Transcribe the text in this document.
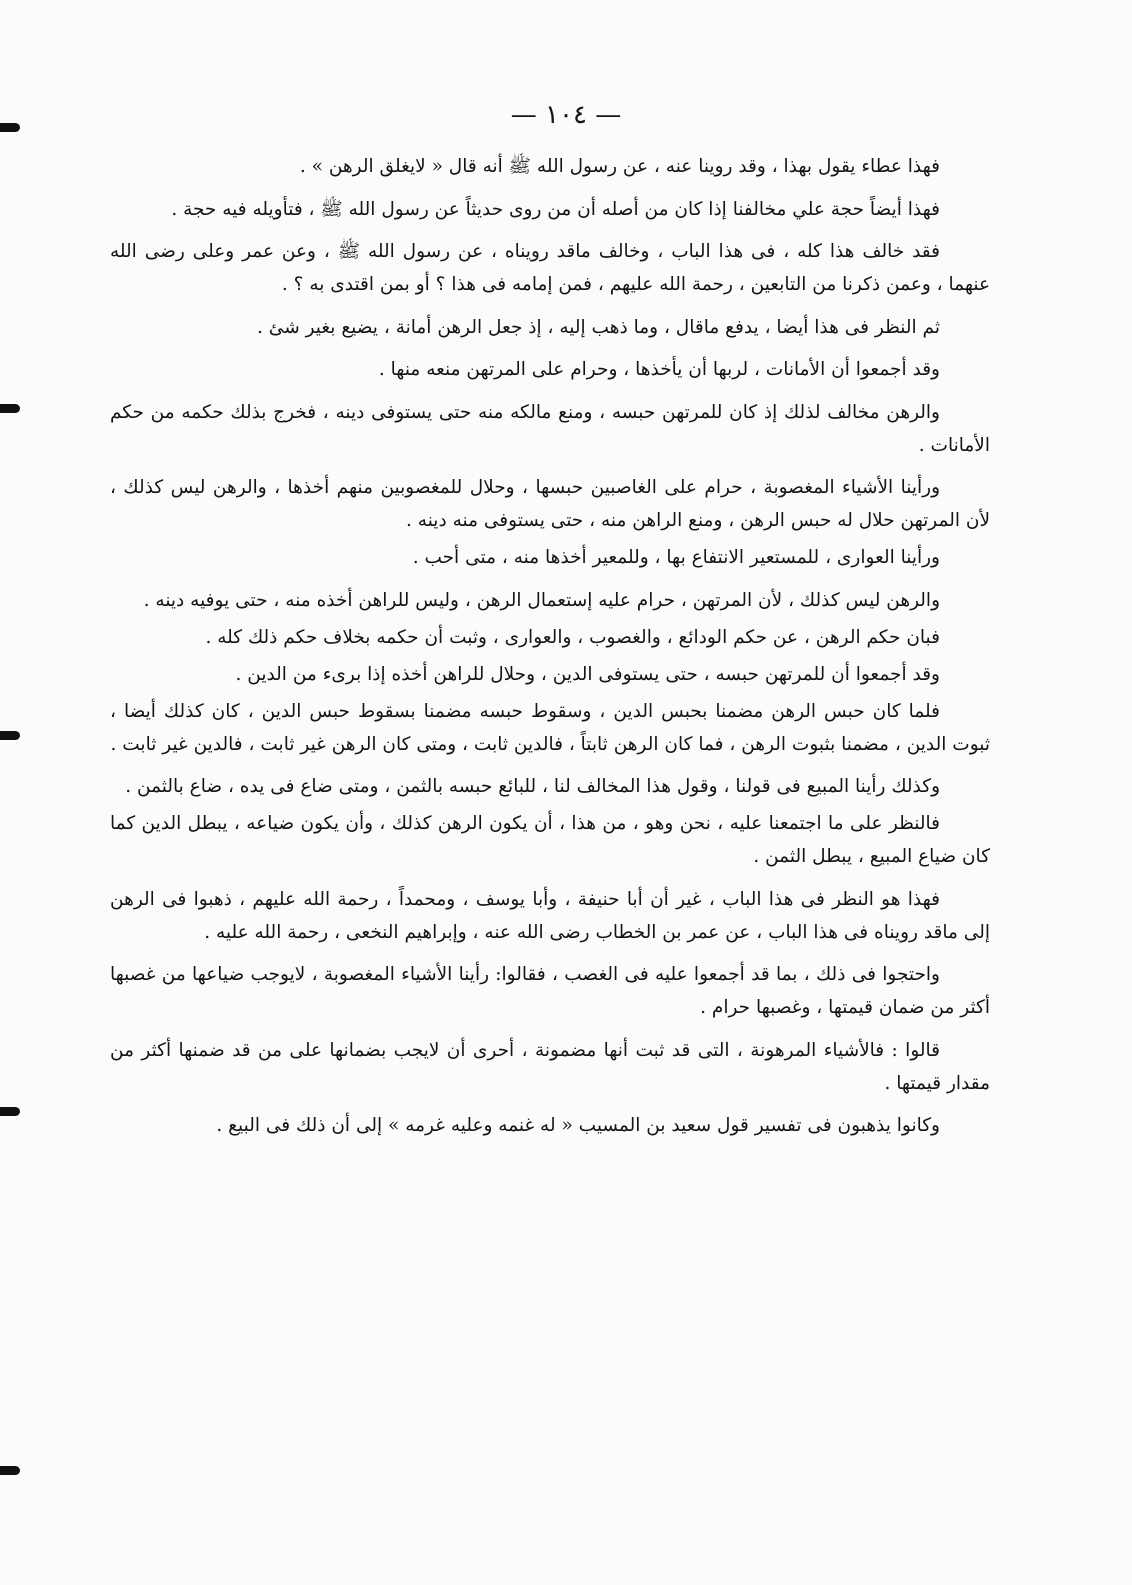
— ١٠٤ —

فهذا عطاء يقول بهذا ، وقد روينا عنه ، عن رسول الله ﷺ أنه قال « لايغلق الرهن » .

فهذا أيضاً حجة علي مخالفنا إذا كان من أصله أن من روى حديثاً عن رسول الله ﷺ ، فتأويله فيه حجة .

فقد خالف هذا كله ، فى هذا الباب ، وخالف ماقد رويناه ، عن رسول الله ﷺ ، وعن عمر وعلى رضى الله عنهما ، وعمن ذكرنا من التابعين ، رحمة الله عليهم ، فمن إمامه فى هذا ؟ أو بمن اقتدى به ؟ .

ثم النظر فى هذا أيضا ، يدفع ماقال ، وما ذهب إليه ، إذ جعل الرهن أمانة ، يضيع بغير شئ .

وقد أجمعوا أن الأمانات ، لربها أن يأخذها ، وحرام على المرتهن منعه منها .

والرهن مخالف لذلك إذ كان للمرتهن حبسه ، ومنع مالكه منه حتى يستوفى دينه ، فخرج بذلك حكمه من حكم الأمانات .

ورأينا الأشياء المغصوبة ، حرام على الغاصبين حبسها ، وحلال للمغصوبين منهم أخذها ، والرهن ليس كذلك ، لأن المرتهن حلال له حبس الرهن ، ومنع الراهن منه ، حتى يستوفى منه دينه .

ورأينا العوارى ، للمستعير الانتفاع بها ، وللمعير أخذها منه ، متى أحب .

والرهن ليس كذلك ، لأن المرتهن ، حرام عليه إستعمال الرهن ، وليس للراهن أخذه منه ، حتى يوفيه دينه .

فبان حكم الرهن ، عن حكم الودائع ، والغصوب ، والعوارى ، وثبت أن حكمه بخلاف حكم ذلك كله .

وقد أجمعوا أن للمرتهن حبسه ، حتى يستوفى الدين ، وحلال للراهن أخذه إذا برىء من الدين .

فلما كان حبس الرهن مضمنا بحبس الدين ، وسقوط حبسه مضمنا بسقوط حبس الدين ، كان كذلك أيضا ، ثبوت الدين ، مضمنا بثبوت الرهن ، فما كان الرهن ثابتاً ، فالدين ثابت ، ومتى كان الرهن غير ثابت ، فالدين غير ثابت .

وكذلك رأينا المبيع فى قولنا ، وقول هذا المخالف لنا ، للبائع حبسه بالثمن ، ومتى ضاع فى يده ، ضاع بالثمن .

فالنظر على ما اجتمعنا عليه ، نحن وهو ، من هذا ، أن يكون الرهن كذلك ، وأن يكون ضياعه ، يبطل الدين كما كان ضياع المبيع ، يبطل الثمن .

فهذا هو النظر فى هذا الباب ، غير أن أبا حنيفة ، وأبا يوسف ، ومحمداً ، رحمة الله عليهم ، ذهبوا فى الرهن إلى ماقد رويناه فى هذا الباب ، عن عمر بن الخطاب رضى الله عنه ، وإبراهيم النخعى ، رحمة الله عليه .

واحتجوا فى ذلك ، بما قد أجمعوا عليه فى الغصب ، فقالوا: رأينا الأشياء المغصوبة ، لايوجب ضياعها من غصبها أكثر من ضمان قيمتها ، وغصبها حرام .

قالوا : فالأشياء المرهونة ، التى قد ثبت أنها مضمونة ، أحرى أن لايجب بضمانها على من قد ضمنها أكثر من مقدار قيمتها .

وكانوا يذهبون فى تفسير قول سعيد بن المسيب « له غنمه وعليه غرمه » إلى أن ذلك فى البيع .
